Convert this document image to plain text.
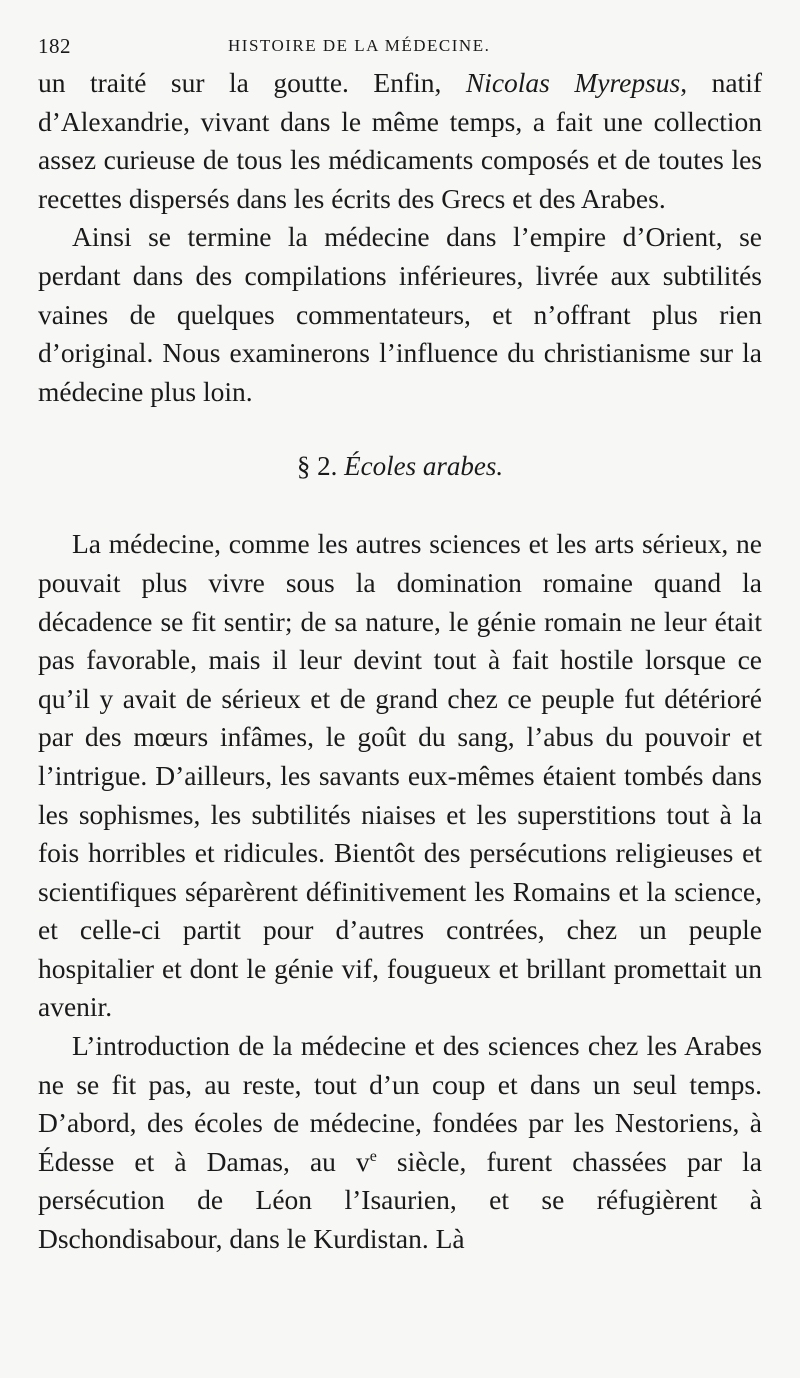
182	HISTOIRE DE LA MÉDECINE.

un traité sur la goutte. Enfin, Nicolas Myrepsus, natif d’Alexandrie, vivant dans le même temps, a fait une collection assez curieuse de tous les médicaments composés et de toutes les recettes dispersés dans les écrits des Grecs et des Arabes.

Ainsi se termine la médecine dans l’empire d’Orient, se perdant dans des compilations inférieures, livrée aux subtilités vaines de quelques commentateurs, et n’offrant plus rien d’original. Nous examinerons l’influence du christianisme sur la médecine plus loin.

§ 2. Écoles arabes.

La médecine, comme les autres sciences et les arts sérieux, ne pouvait plus vivre sous la domination romaine quand la décadence se fit sentir; de sa nature, le génie romain ne leur était pas favorable, mais il leur devint tout à fait hostile lorsque ce qu’il y avait de sérieux et de grand chez ce peuple fut détérioré par des mœurs infâmes, le goût du sang, l’abus du pouvoir et l’intrigue. D’ailleurs, les savants eux-mêmes étaient tombés dans les sophismes, les subtilités niaises et les superstitions tout à la fois horribles et ridicules. Bientôt des persécutions religieuses et scientifiques séparèrent définitivement les Romains et la science, et celle-ci partit pour d’autres contrées, chez un peuple hospitalier et dont le génie vif, fougueux et brillant promettait un avenir.

L’introduction de la médecine et des sciences chez les Arabes ne se fit pas, au reste, tout d’un coup et dans un seul temps. D’abord, des écoles de médecine, fondées par les Nestoriens, à Édesse et à Damas, au $v^e$ siècle, furent chassées par la persécution de Léon l’Isaurien, et se réfugièrent à Dschondisabour, dans le Kurdistan. Là
